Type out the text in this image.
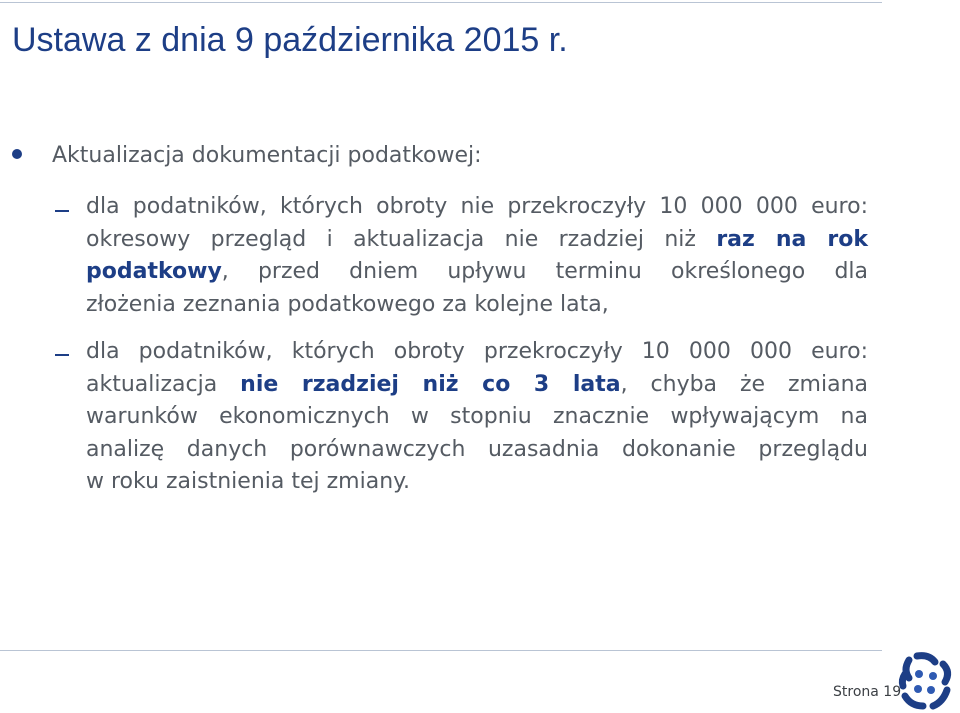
Ustawa z dnia 9 października 2015 r.
Aktualizacja dokumentacji podatkowej:
dla podatników, których obroty nie przekroczyły 10 000 000 euro:
okresowy przegląd i aktualizacja nie rzadziej niż raz na rok
podatkowy, przed dniem upływu terminu określonego dla
złożenia zeznania podatkowego za kolejne lata,
dla podatników, których obroty przekroczyły 10 000 000 euro:
aktualizacja nie rzadziej niż co 3 lata, chyba że zmiana
warunków ekonomicznych w stopniu znacznie wpływającym na
analizę danych porównawczych uzasadnia dokonanie przeglądu
w roku zaistnienia tej zmiany.
Strona 19
